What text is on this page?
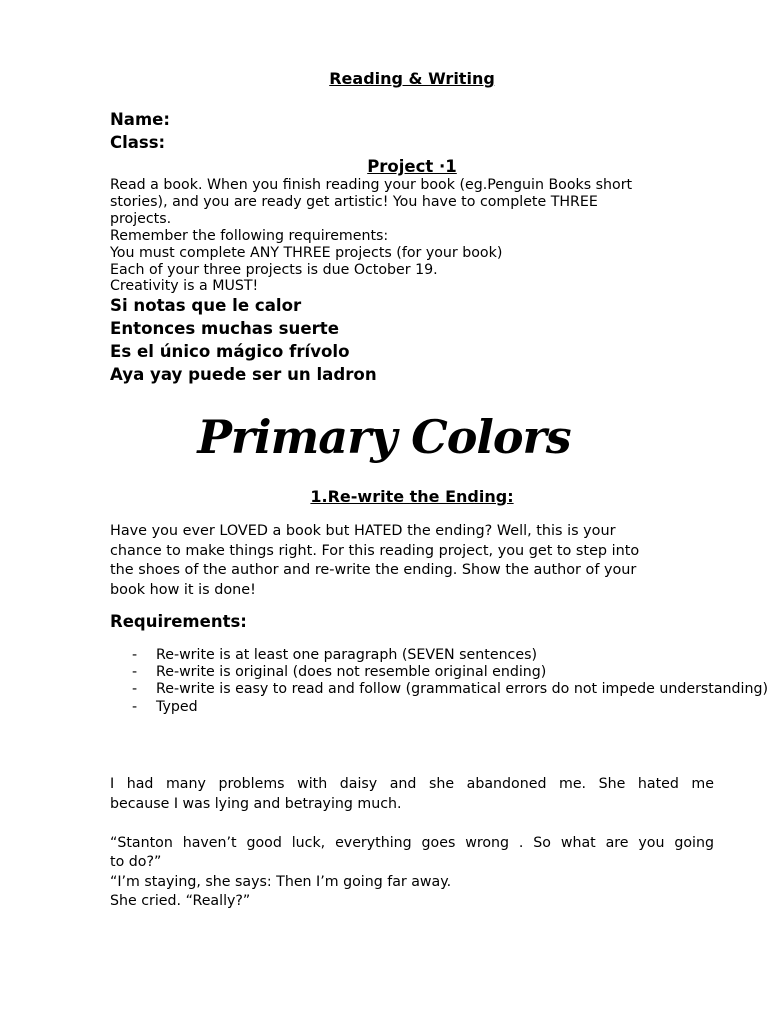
Reading & Writing
Name:
Class:
Project ·1
Read a book. When you finish reading your book (eg.Penguin Books short
stories), and you are ready get artistic! You have to complete THREE
projects.
Remember the following requirements:
You must complete ANY THREE projects (for your book)
Each of your three projects is due October 19.
Creativity is a MUST!
Si notas que le calor
Entonces muchas suerte
Es el único mágico frívolo
Aya yay puede ser un ladron
Primary Colors
1.Re-write the Ending:
Have you ever LOVED a book but HATED the ending? Well, this is your
chance to make things right. For this reading project, you get to step into
the shoes of the author and re-write the ending. Show the author of your
book how it is done!
Requirements:
- Re-write is at least one paragraph (SEVEN sentences)
- Re-write is original (does not resemble original ending)
- Re-write is easy to read and follow (grammatical errors do not impede understanding)
- Typed
I had many problems with daisy and she abandoned me. She hated me
because I was lying and betraying much.
“Stanton haven’t good luck, everything goes wrong . So what are you going
to do?”
“I’m staying, she says: Then I’m going far away.
She cried. “Really?”
